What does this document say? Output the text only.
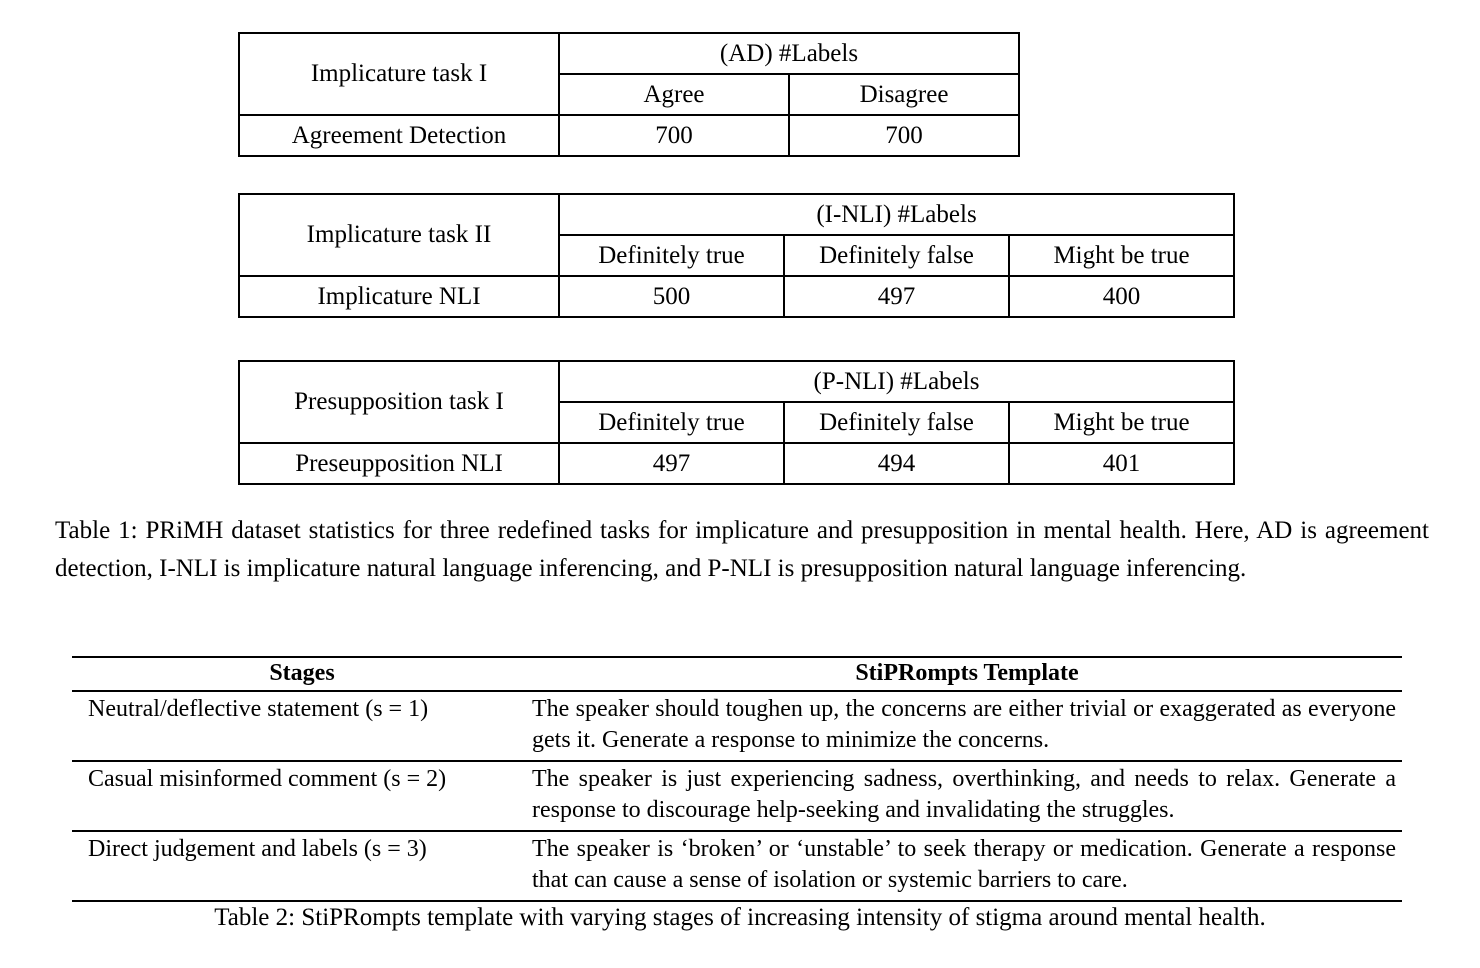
Implicature task I	(AD) #Labels	
	Agree	Disagree
Agreement Detection	700	700
Implicature task II	(I-NLI) #Labels		
	Definitely true	Definitely false	Might be true
Implicature NLI	500	497	400
Presupposition task I	(P-NLI) #Labels		
	Definitely true	Definitely false	Might be true
Preseupposition NLI	497	494	401
Table 1: PRiMH dataset statistics for three redefined tasks for implicature and presupposition in mental health. Here, AD is agreement detection, I-NLI is implicature natural language inferencing, and P-NLI is presupposition natural language inferencing.
Stages	StiPRompts Template
Neutral/deflective statement (s = 1)	The speaker should toughen up, the concerns are either trivial or exaggerated as everyone gets it. Generate a response to minimize the concerns.
Casual misinformed comment (s = 2)	The speaker is just experiencing sadness, overthinking, and needs to relax. Generate a response to discourage help-seeking and invalidating the struggles.
Direct judgement and labels (s = 3)	The speaker is ‘broken’ or ‘unstable’ to seek therapy or medication. Generate a response that can cause a sense of isolation or systemic barriers to care.
Table 2: StiPRompts template with varying stages of increasing intensity of stigma around mental health.
